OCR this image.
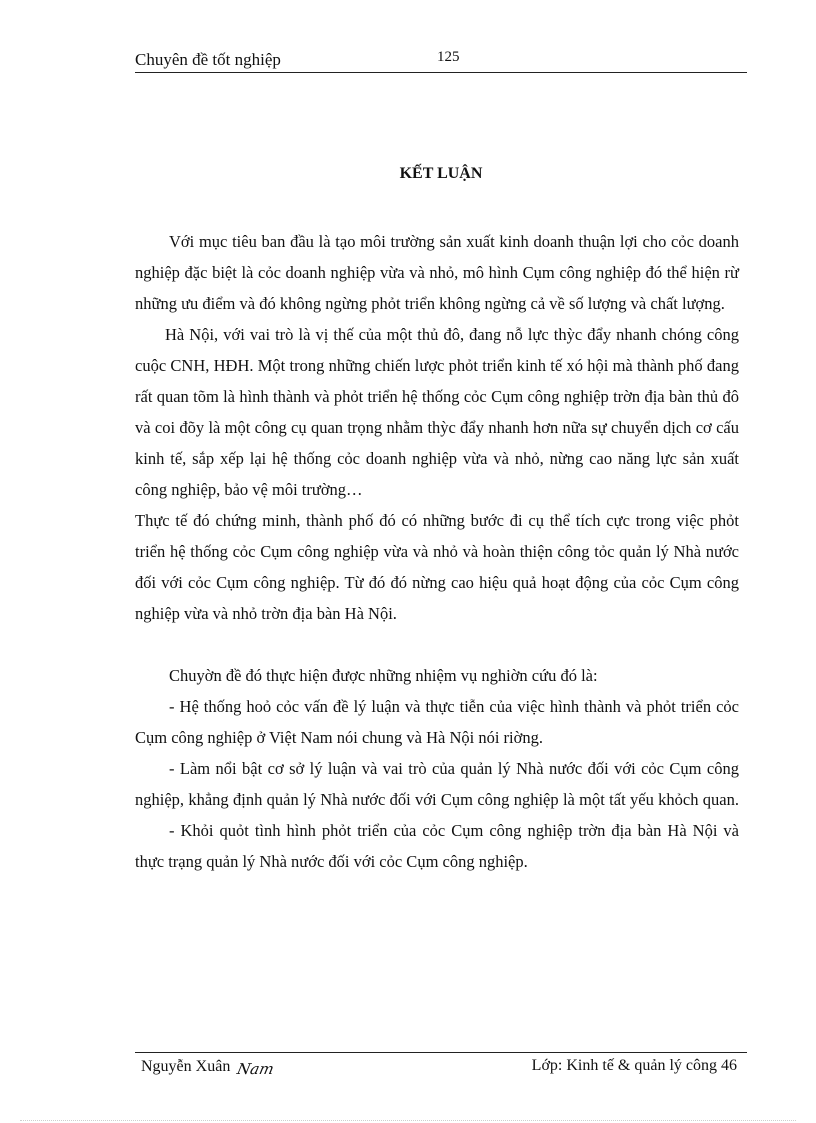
Chuyên đề tốt nghiệp	125
KẾT LUẬN

Với mục tiêu ban đầu là tạo môi trường sản xuất kinh doanh thuận lợi cho cỏc doanh nghiệp đặc biệt là cỏc doanh nghiệp vừa và nhỏ, mô hình Cụm công nghiệp đó thể hiện rừ những ưu điểm và đó không ngừng phỏt triển không ngừng cả về số lượng và chất lượng.

Hà Nội, với vai trò là vị thế của một thủ đô, đang nỗ lực thỳc đẩy nhanh chóng công cuộc CNH, HĐH. Một trong những chiến lược phỏt triển kinh tế xó hội mà thành phố đang rất quan tõm là hình thành và phỏt triển hệ thống cỏc Cụm công nghiệp trờn địa bàn thủ đô và coi đõy là một công cụ quan trọng nhằm thỳc đẩy nhanh hơn nữa sự chuyển dịch cơ cấu kinh tế, sắp xếp lại hệ thống cỏc doanh nghiệp vừa và nhỏ, nừng cao năng lực sản xuất công nghiệp, bảo vệ môi trường…

Thực tế đó chứng minh, thành phố đó có những bước đi cụ thể tích cực trong việc phỏt triển hệ thống cỏc Cụm công nghiệp vừa và nhỏ và hoàn thiện công tỏc quản lý Nhà nước đối với cỏc Cụm công nghiệp. Từ đó đó nừng cao hiệu quả hoạt động của cỏc Cụm công nghiệp vừa và nhỏ trờn địa bàn Hà Nội.

Chuyờn đề đó thực hiện được những nhiệm vụ nghiờn cứu đó là:

- Hệ thống hoỏ cỏc vấn đề lý luận và thực tiễn của việc hình thành và phỏt triển cỏc Cụm công nghiệp ở Việt Nam nói chung và Hà Nội nói riờng.

- Làm nổi bật cơ sở lý luận và vai trò của quản lý Nhà nước đối với cỏc Cụm công nghiệp, khẳng định quản lý Nhà nước đối với Cụm công nghiệp là một tất yếu khỏch quan.

- Khỏi quỏt tình hình phỏt triển của cỏc Cụm công nghiệp trờn địa bàn Hà Nội và thực trạng quản lý Nhà nước đối với cỏc Cụm công nghiệp.

Nguyễn Xuân Nam	Lớp: Kinh tế & quản lý công 46
